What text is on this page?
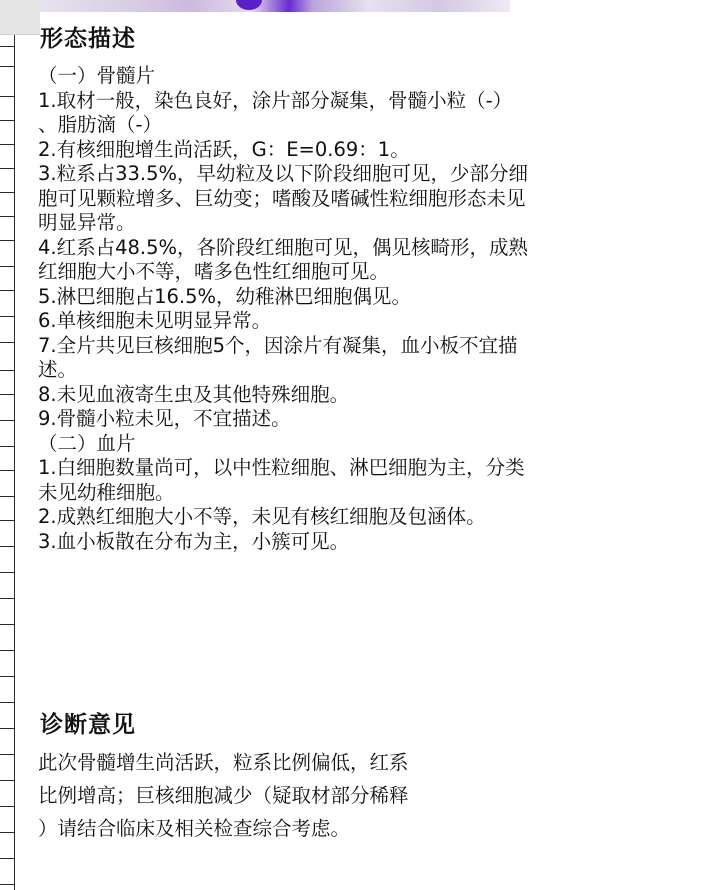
形态描述
（一）骨髓片
1.取材一般，染色良好，涂片部分凝集，骨髓小粒（-）
、脂肪滴（-）
2.有核细胞增生尚活跃，G：E=0.69：1。
3.粒系占33.5%，早幼粒及以下阶段细胞可见，少部分细
胞可见颗粒增多、巨幼变；嗜酸及嗜碱性粒细胞形态未见
明显异常。
4.红系占48.5%，各阶段红细胞可见，偶见核畸形，成熟
红细胞大小不等，嗜多色性红细胞可见。
5.淋巴细胞占16.5%，幼稚淋巴细胞偶见。
6.单核细胞未见明显异常。
7.全片共见巨核细胞5个，因涂片有凝集，血小板不宜描
述。
8.未见血液寄生虫及其他特殊细胞。
9.骨髓小粒未见，不宜描述。
（二）血片
1.白细胞数量尚可，以中性粒细胞、淋巴细胞为主，分类
未见幼稚细胞。
2.成熟红细胞大小不等，未见有核红细胞及包涵体。
3.血小板散在分布为主，小簇可见。
诊断意见
此次骨髓增生尚活跃，粒系比例偏低，红系
比例增高；巨核细胞减少（疑取材部分稀释
）请结合临床及相关检查综合考虑。
